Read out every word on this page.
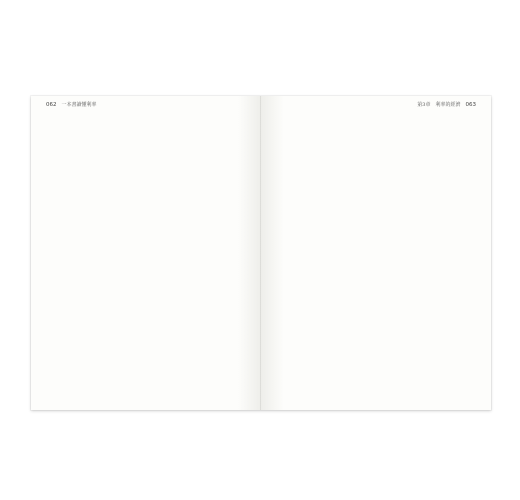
062 一本書讀懂利率	第3章 利率的經濟 063
